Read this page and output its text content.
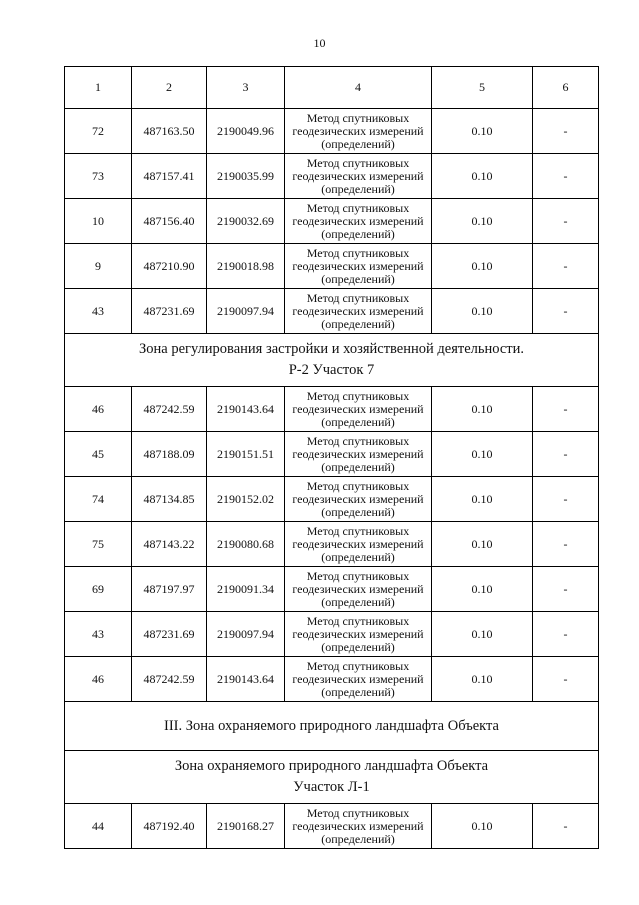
10
1	2	3	4	5	6
72	487163.50	2190049.96	Метод спутниковых геодезических измерений (определений)	0.10	-
73	487157.41	2190035.99	Метод спутниковых геодезических измерений (определений)	0.10	-
10	487156.40	2190032.69	Метод спутниковых геодезических измерений (определений)	0.10	-
9	487210.90	2190018.98	Метод спутниковых геодезических измерений (определений)	0.10	-
43	487231.69	2190097.94	Метод спутниковых геодезических измерений (определений)	0.10	-

Зона регулирования застройки и хозяйственной деятельности.
Р-2 Участок 7					

46	487242.59	2190143.64	Метод спутниковых геодезических измерений (определений)	0.10	-
45	487188.09	2190151.51	Метод спутниковых геодезических измерений (определений)	0.10	-
74	487134.85	2190152.02	Метод спутниковых геодезических измерений (определений)	0.10	-
75	487143.22	2190080.68	Метод спутниковых геодезических измерений (определений)	0.10	-
69	487197.97	2190091.34	Метод спутниковых геодезических измерений (определений)	0.10	-
43	487231.69	2190097.94	Метод спутниковых геодезических измерений (определений)	0.10	-
46	487242.59	2190143.64	Метод спутниковых геодезических измерений (определений)	0.10	-

III. Зона охраняемого природного ландшафта Объекта					

Зона охраняемого природного ландшафта Объекта
Участок Л-1					

44	487192.40	2190168.27	Метод спутниковых геодезических измерений (определений)	0.10	-
